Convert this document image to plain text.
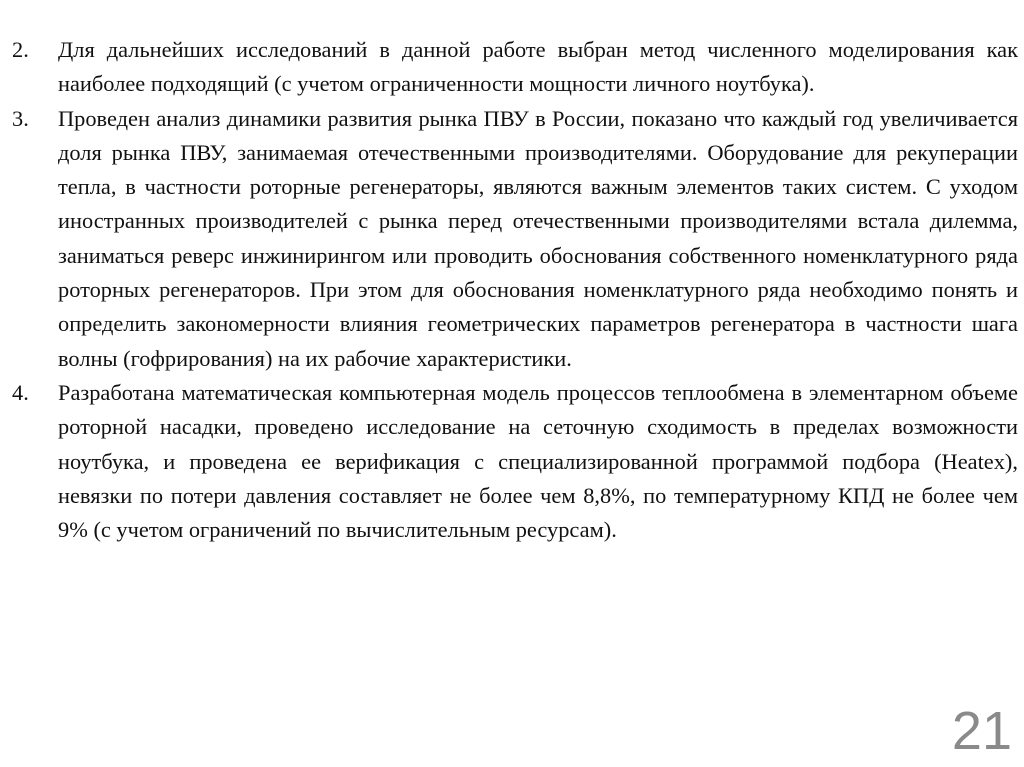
2.	Для дальнейших исследований в данной работе выбран метод численного моделирования как наиболее подходящий (с учетом ограниченности мощности личного ноутбука).
3.	Проведен анализ динамики развития рынка ПВУ в России, показано что каждый год увеличивается доля рынка ПВУ, занимаемая отечественными производителями. Оборудование для рекуперации тепла, в частности роторные регенераторы, являются важным элементов таких систем. С уходом иностранных производителей с рынка перед отечественными производителями встала дилемма, заниматься реверс инжинирингом или проводить обоснования собственного номенклатурного ряда роторных регенераторов. При этом для обоснования номенклатурного ряда необходимо понять и определить закономерности влияния геометрических параметров регенератора в частности шага волны (гофрирования) на их рабочие характеристики.
4.	Разработана математическая компьютерная модель процессов теплообмена в элементарном объеме роторной насадки, проведено исследование на сеточную сходимость в пределах возможности ноутбука, и проведена ее верификация с специализированной программой подбора (Heatex), невязки по потери давления составляет не более чем 8,8%, по температурному КПД не более чем 9% (с учетом ограничений по вычислительным ресурсам).
21
